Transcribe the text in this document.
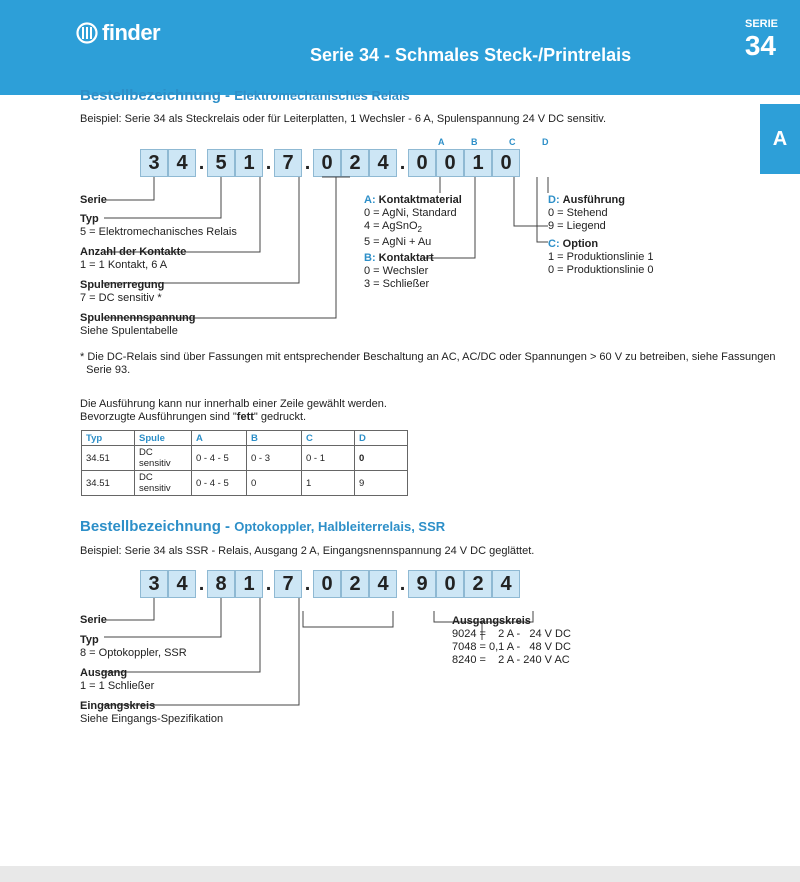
finder
Serie 34 - Schmales Steck-/Printrelais
SERIE
34
A
Bestellbezeichnung - Elektromechanisches Relais
Beispiel: Serie 34 als Steckrelais oder für Leiterplatten, 1 Wechsler - 6 A, Spulenspannung 24 V DC sensitiv.
A	B	C	D
3 4 . 5 1 . 7 . 0 2 4 . 0 0 1 0
Serie
Typ
5 = Elektromechanisches Relais
Anzahl der Kontakte
1 = 1 Kontakt, 6 A
Spulenerregung
7 = DC sensitiv *
Spulennennspannung
Siehe Spulentabelle
A: Kontaktmaterial
0 = AgNi, Standard
4 = AgSnO$_2$
5 = AgNi + Au
B: Kontaktart
0 = Wechsler
3 = Schließer
D: Ausführung
0 = Stehend
9 = Liegend
C: Option
1 = Produktionslinie 1
0 = Produktionslinie 0
* Die DC-Relais sind über Fassungen mit entsprechender Beschaltung an AC, AC/DC oder Spannungen > 60 V zu betreiben, siehe Fassungen
Serie 93.
Die Ausführung kann nur innerhalb einer Zeile gewählt werden.
Bevorzugte Ausführungen sind "fett" gedruckt.
Typ	Spule	A	B	C	D
34.51	DC sensitiv	0 - 4 - 5	0 - 3	0 - 1	0
34.51	DC sensitiv	0 - 4 - 5	0	1	9
Bestellbezeichnung - Optokoppler, Halbleiterrelais, SSR
Beispiel: Serie 34 als SSR - Relais, Ausgang 2 A, Eingangsnennspannung 24 V DC geglättet.
3 4 . 8 1 . 7 . 0 2 4 . 9 0 2 4
Serie
Typ
8 = Optokoppler, SSR
Ausgang
1 = 1 Schließer
Eingangskreis
Siehe Eingangs-Spezifikation
Ausgangskreis
9024 =    2 A -   24 V DC
7048 = 0,1 A -   48 V DC
8240 =    2 A - 240 V AC
